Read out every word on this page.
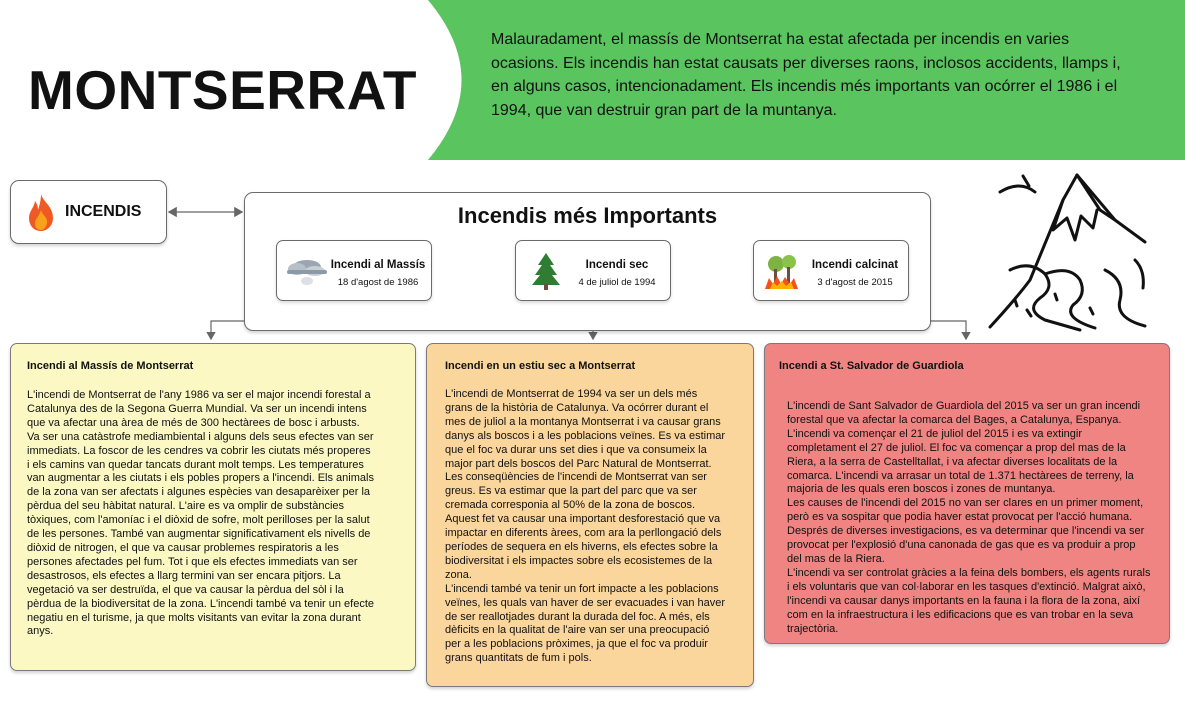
MONTSERRAT

Malauradament, el massís de Montserrat ha estat afectada per incendis en varies ocasions. Els incendis han estat causats per diverses raons, inclosos accidents, llamps i, en alguns casos, intencionadament. Els incendis més importants van ocórrer el 1986 i el 1994, que van destruir gran part de la muntanya.

INCENDIS	Incendis més Importants
Incendi al Massís
18 d'agost de 1986
Incendi sec
4 de juliol de 1994
Incendi calcinat
3 d'agost de 2015
Incendi al Massís de Montserrat

L'incendi de Montserrat de l'any 1986 va ser el major incendi forestal a
Catalunya des de la Segona Guerra Mundial. Va ser un incendi intens
que va afectar una àrea de més de 300 hectàrees de bosc i arbusts.
Va ser una catàstrofe mediambiental i alguns dels seus efectes van ser
immediats. La foscor de les cendres va cobrir les ciutats més properes
i els camins van quedar tancats durant molt temps. Les temperatures
van augmentar a les ciutats i els pobles propers a l'incendi. Els animals
de la zona van ser afectats i algunes espècies van desaparèixer per la
pèrdua del seu hàbitat natural. L'aire es va omplir de substàncies
tòxiques, com l'amoníac i el diòxid de sofre, molt perilloses per la salut
de les persones. També van augmentar significativament els nivells de
diòxid de nitrogen, el que va causar problemes respiratoris a les
persones afectades pel fum. Tot i que els efectes immediats van ser
desastrosos, els efectes a llarg termini van ser encara pitjors. La
vegetació va ser destruïda, el que va causar la pèrdua del sòl i la
pèrdua de la biodiversitat de la zona. L'incendi també va tenir un efecte
negatiu en el turisme, ja que molts visitants van evitar la zona durant
anys.

Incendi en un estiu sec a Montserrat

L'incendi de Montserrat de 1994 va ser un dels més
grans de la història de Catalunya. Va ocórrer durant el
mes de juliol a la montanya Montserrat i va causar grans
danys als boscos i a les poblacions veïnes. Es va estimar
que el foc va durar uns set dies i que va consumeix la
major part dels boscos del Parc Natural de Montserrat.
Les conseqüències de l'incendi de Montserrat van ser
greus. Es va estimar que la part del parc que va ser
cremada corresponia al 50% de la zona de boscos.
Aquest fet va causar una important desforestació que va
impactar en diferents àrees, com ara la perllongació dels
períodes de sequera en els hiverns, els efectes sobre la
biodiversitat i els impactes sobre els ecosistemes de la
zona.
L'incendi també va tenir un fort impacte a les poblacions
veïnes, les quals van haver de ser evacuades i van haver
de ser reallotjades durant la durada del foc. A més, els
dèficits en la qualitat de l'aire van ser una preocupació
per a les poblacions pròximes, ja que el foc va produir
grans quantitats de fum i pols.

Incendi a St. Salvador de Guardiola

L'incendi de Sant Salvador de Guardiola del 2015 va ser un gran incendi
forestal que va afectar la comarca del Bages, a Catalunya, Espanya.
L'incendi va començar el 21 de juliol del 2015 i es va extingir
completament el 27 de juliol. El foc va començar a prop del mas de la
Riera, a la serra de Castelltallat, i va afectar diverses localitats de la
comarca. L'incendi va arrasar un total de 1.371 hectàrees de terreny, la
majoria de les quals eren boscos i zones de muntanya.
Les causes de l'incendi del 2015 no van ser clares en un primer moment,
però es va sospitar que podia haver estat provocat per l'acció humana.
Després de diverses investigacions, es va determinar que l'incendi va ser
provocat per l'explosió d'una canonada de gas que es va produir a prop
del mas de la Riera.
L'incendi va ser controlat gràcies a la feina dels bombers, els agents rurals
i els voluntaris que van col·laborar en les tasques d'extinció. Malgrat això,
l'incendi va causar danys importants en la fauna i la flora de la zona, així
com en la infraestructura i les edificacions que es van trobar en la seva
trajectòria.
